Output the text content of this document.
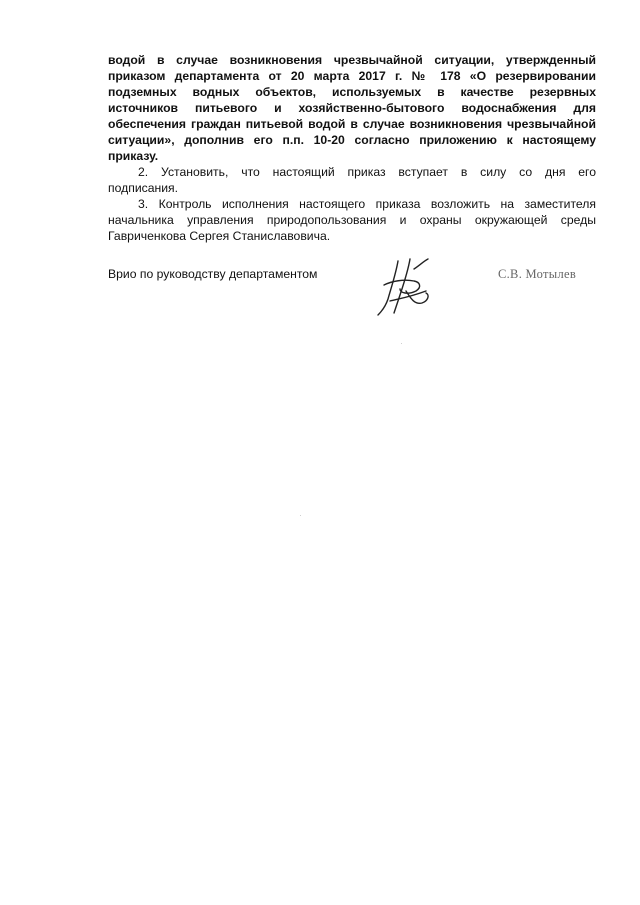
водой в случае возникновения чрезвычайной ситуации, утвержденный

приказом департамента от 20 марта 2017 г. № 178 «О резервировании

подземных водных объектов, используемых в качестве резервных

источников питьевого и хозяйственно-бытового водоснабжения для

обеспечения граждан питьевой водой в случае возникновения чрезвычайной

ситуации», дополнив его п.п. 10-20 согласно приложению к настоящему

приказу.

2. Установить, что настоящий приказ вступает в силу со дня его

подписания.

3. Контроль исполнения настоящего приказа возложить на заместителя

начальника управления природопользования и охраны окружающей среды

Гавриченкова Сергея Станиславовича.

Врио по руководству департаментом	С.В. Мотылев
